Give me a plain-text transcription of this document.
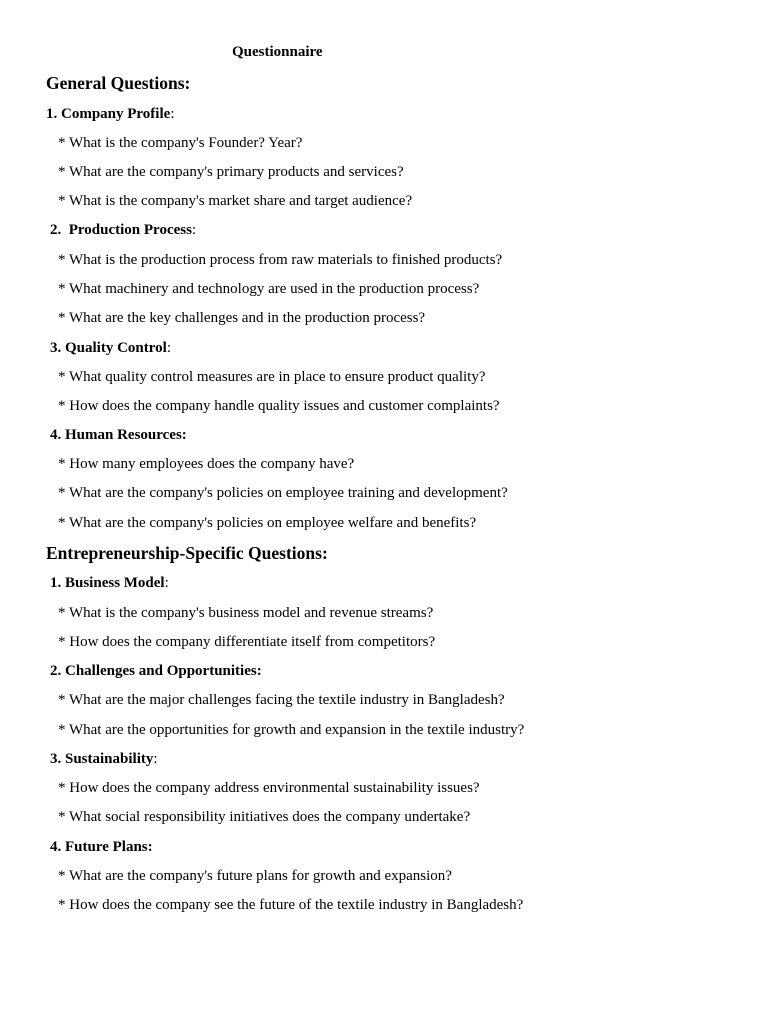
Questionnaire
General Questions:
1. Company Profile:
* What is the company's Founder? Year?
* What are the company's primary products and services?
* What is the company's market share and target audience?
2. Production Process:
* What is the production process from raw materials to finished products?
* What machinery and technology are used in the production process?
* What are the key challenges and in the production process?
3. Quality Control:
* What quality control measures are in place to ensure product quality?
* How does the company handle quality issues and customer complaints?
4. Human Resources:
* How many employees does the company have?
* What are the company's policies on employee training and development?
* What are the company's policies on employee welfare and benefits?
Entrepreneurship-Specific Questions:
1. Business Model:
* What is the company's business model and revenue streams?
* How does the company differentiate itself from competitors?
2. Challenges and Opportunities:
* What are the major challenges facing the textile industry in Bangladesh?
* What are the opportunities for growth and expansion in the textile industry?
3. Sustainability:
* How does the company address environmental sustainability issues?
* What social responsibility initiatives does the company undertake?
4. Future Plans:
* What are the company's future plans for growth and expansion?
* How does the company see the future of the textile industry in Bangladesh?
